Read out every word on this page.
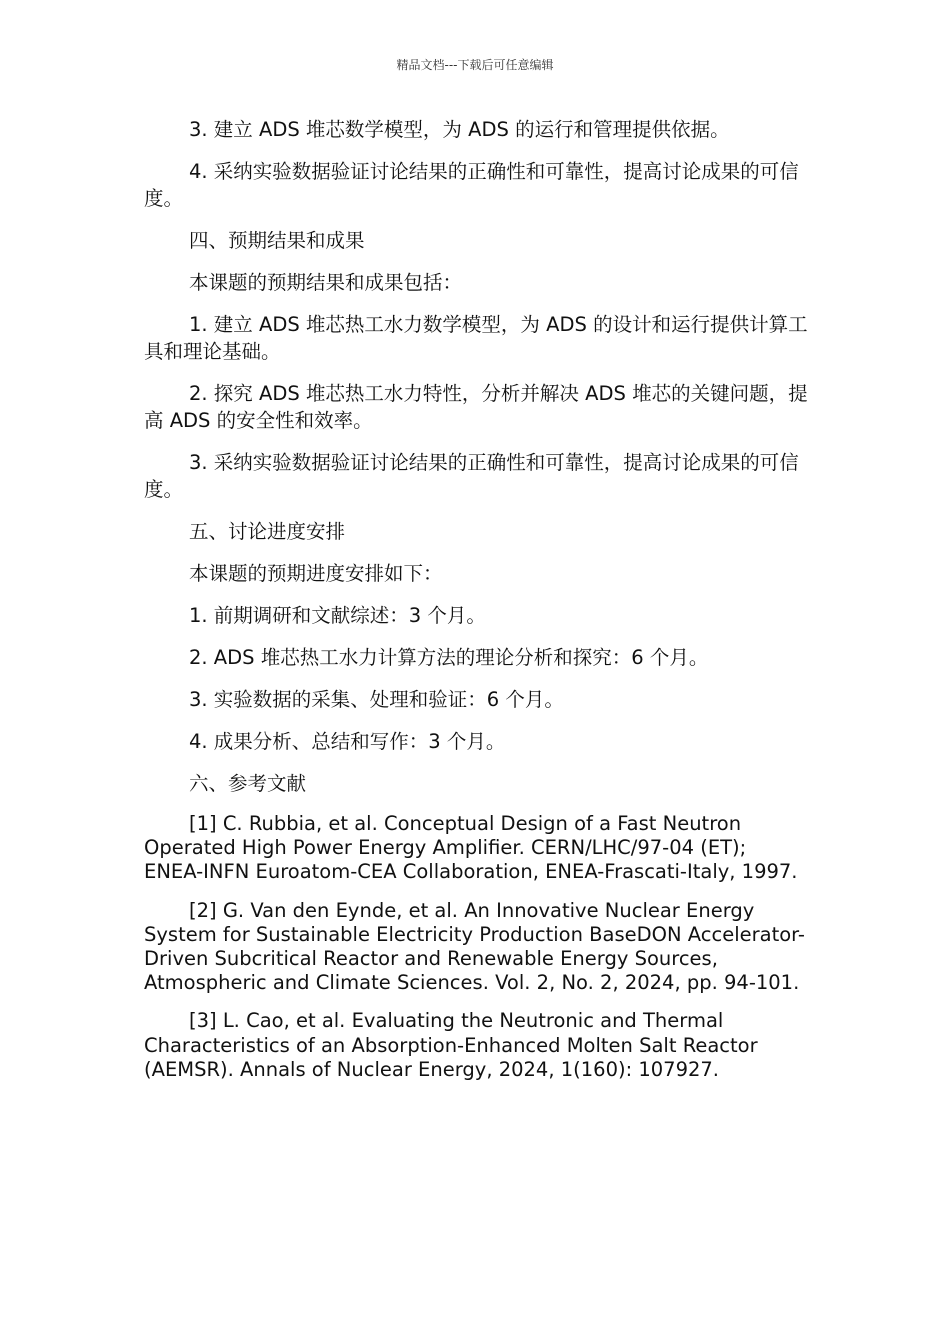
精品文档---下载后可任意编辑

3. 建立 ADS 堆芯数学模型，为 ADS 的运行和管理提供依据。

4. 采纳实验数据验证讨论结果的正确性和可靠性，提高讨论成果的可信度。

四、预期结果和成果

本课题的预期结果和成果包括：

1. 建立 ADS 堆芯热工水力数学模型，为 ADS 的设计和运行提供计算工具和理论基础。

2. 探究 ADS 堆芯热工水力特性，分析并解决 ADS 堆芯的关键问题，提高 ADS 的安全性和效率。

3. 采纳实验数据验证讨论结果的正确性和可靠性，提高讨论成果的可信度。

五、讨论进度安排

本课题的预期进度安排如下：

1. 前期调研和文献综述：3 个月。

2. ADS 堆芯热工水力计算方法的理论分析和探究：6 个月。

3. 实验数据的采集、处理和验证：6 个月。

4. 成果分析、总结和写作：3 个月。

六、参考文献

[1] C. Rubbia, et al. Conceptual Design of a Fast Neutron Operated High Power Energy Amplifier. CERN/LHC/97-04 (ET); ENEA-INFN Euroatom-CEA Collaboration, ENEA-Frascati-Italy, 1997.

[2] G. Van den Eynde, et al. An Innovative Nuclear Energy System for Sustainable Electricity Production BaseDON Accelerator-Driven Subcritical Reactor and Renewable Energy Sources, Atmospheric and Climate Sciences. Vol. 2, No. 2, 2024, pp. 94-101.

[3] L. Cao, et al. Evaluating the Neutronic and Thermal Characteristics of an Absorption-Enhanced Molten Salt Reactor (AEMSR). Annals of Nuclear Energy, 2024, 1(160): 107927.
